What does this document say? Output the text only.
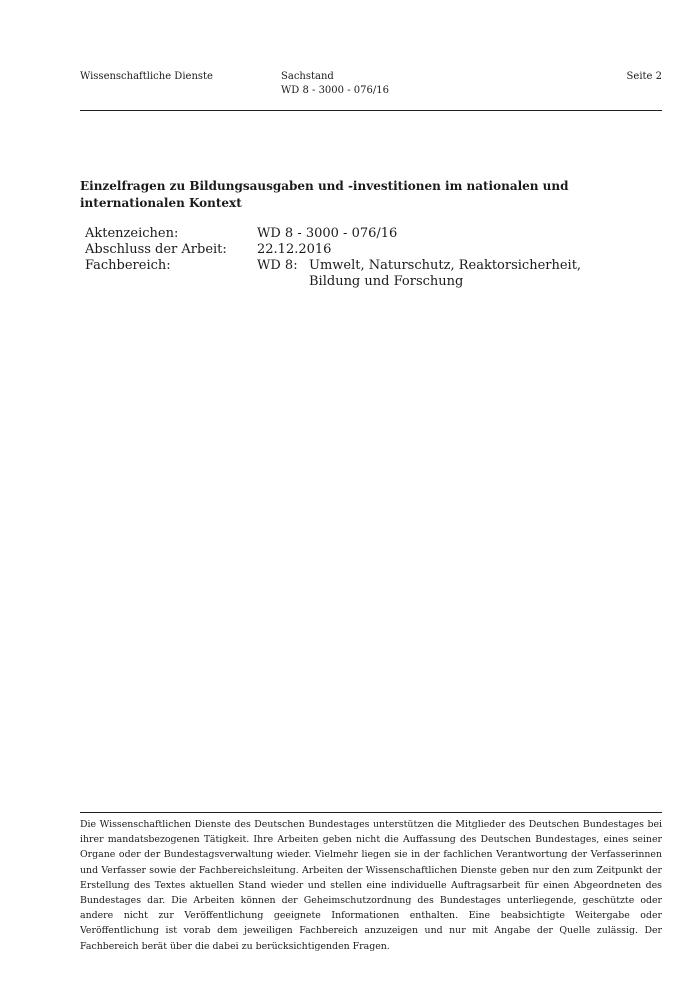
Wissenschaftliche Dienste	Sachstand
WD 8 - 3000 - 076/16
Seite 2
Einzelfragen zu Bildungsausgaben und -investitionen im nationalen und internationalen Kontext
Aktenzeichen:	WD 8 - 3000 - 076/16
Abschluss der Arbeit: 22.12.2016
Fachbereich:	WD 8: Umwelt, Naturschutz, Reaktorsicherheit,
Bildung und Forschung
Die Wissenschaftlichen Dienste des Deutschen Bundestages unterstützen die Mitglieder des Deutschen Bundestages bei ihrer mandatsbezogenen Tätigkeit. Ihre Arbeiten geben nicht die Auffassung des Deutschen Bundestages, eines seiner Organe oder der Bundestagsverwaltung wieder. Vielmehr liegen sie in der fachlichen Verantwortung der Verfasserinnen und Verfasser sowie der Fachbereichsleitung. Arbeiten der Wissenschaftlichen Dienste geben nur den zum Zeitpunkt der Erstellung des Textes aktuellen Stand wieder und stellen eine individuelle Auftragsarbeit für einen Abgeordneten des Bundestages dar. Die Arbeiten können der Geheimschutzordnung des Bundestages unterliegende, geschützte oder andere nicht zur Veröffentlichung geeignete Informationen enthalten. Eine beabsichtigte Weitergabe oder Veröffentlichung ist vorab dem jeweiligen Fachbereich anzuzeigen und nur mit Angabe der Quelle zulässig. Der Fachbereich berät über die dabei zu berücksichtigenden Fragen.
